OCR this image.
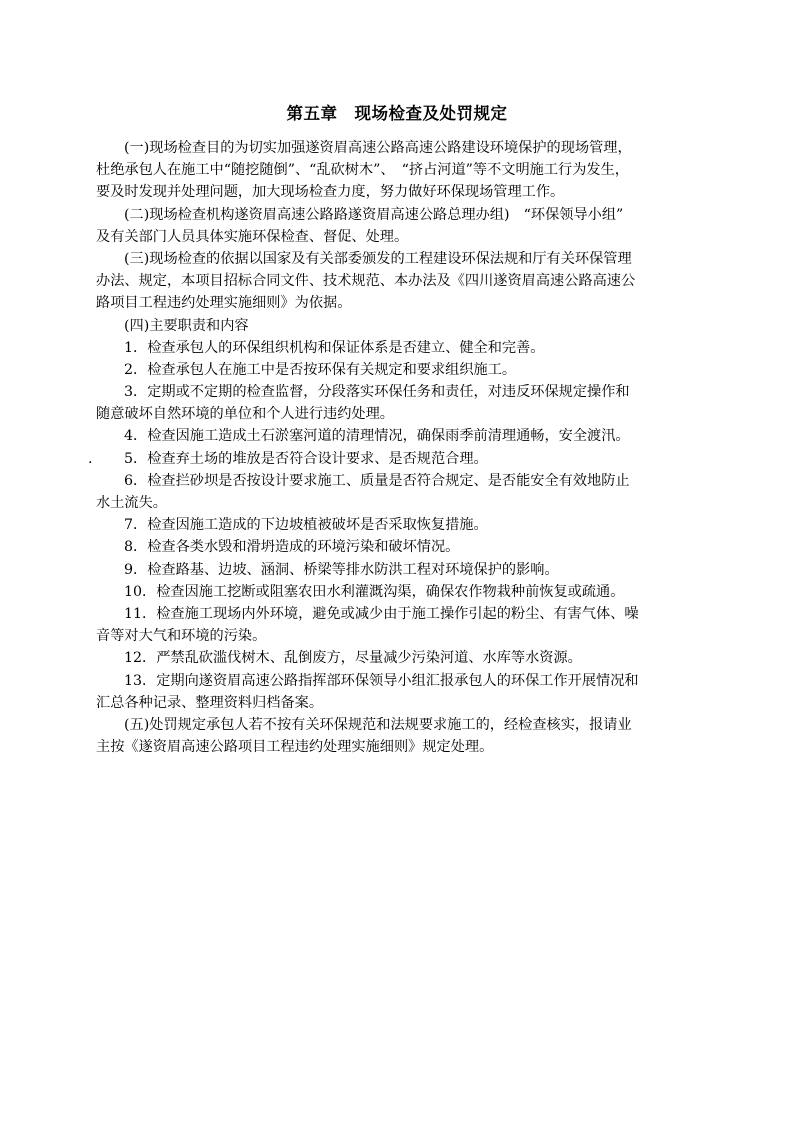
第五章　现场检查及处罚规定
(一)现场检查目的为切实加强遂资眉高速公路高速公路建设环境保护的现场管理，
杜绝承包人在施工中“随挖随倒”、“乱砍树木”、　“挤占河道”等不文明施工行为发生，
要及时发现并处理问题，加大现场检查力度，努力做好环保现场管理工作。
(二)现场检查机构遂资眉高速公路路遂资眉高速公路总理办组)　“环保领导小组”
及有关部门人员具体实施环保检查、督促、处理。
(三)现场检查的依据以国家及有关部委颁发的工程建设环保法规和厅有关环保管理
办法、规定，本项目招标合同文件、技术规范、本办法及《四川遂资眉高速公路高速公
路项目工程违约处理实施细则》为依据。
(四)主要职责和内容
1．检查承包人的环保组织机构和保证体系是否建立、健全和完善。
2．检查承包人在施工中是否按环保有关规定和要求组织施工。
3．定期或不定期的检查监督，分段落实环保任务和责任，对违反环保规定操作和
随意破坏自然环境的单位和个人进行违约处理。
4．检查因施工造成土石淤塞河道的清理情况，确保雨季前清理通畅，安全渡汛。
. 5．检查弃土场的堆放是否符合设计要求、是否规范合理。
6．检查拦砂坝是否按设计要求施工、质量是否符合规定、是否能安全有效地防止
水土流失。
7．检查因施工造成的下边坡植被破坏是否采取恢复措施。
8．检查各类水毁和滑坍造成的环境污染和破坏情况。
9．检查路基、边坡、涵洞、桥梁等排水防洪工程对环境保护的影响。
10．检查因施工挖断或阻塞农田水利灌溉沟渠，确保农作物栽种前恢复或疏通。
11．检查施工现场内外环境，避免或减少由于施工操作引起的粉尘、有害气体、噪
音等对大气和环境的污染。
12．严禁乱砍滥伐树木、乱倒废方，尽量减少污染河道、水库等水资源。
13．定期向遂资眉高速公路指挥部环保领导小组汇报承包人的环保工作开展情况和
汇总各种记录、整理资料归档备案。
(五)处罚规定承包人若不按有关环保规范和法规要求施工的，经检查核实，报请业
主按《遂资眉高速公路项目工程违约处理实施细则》规定处理。
